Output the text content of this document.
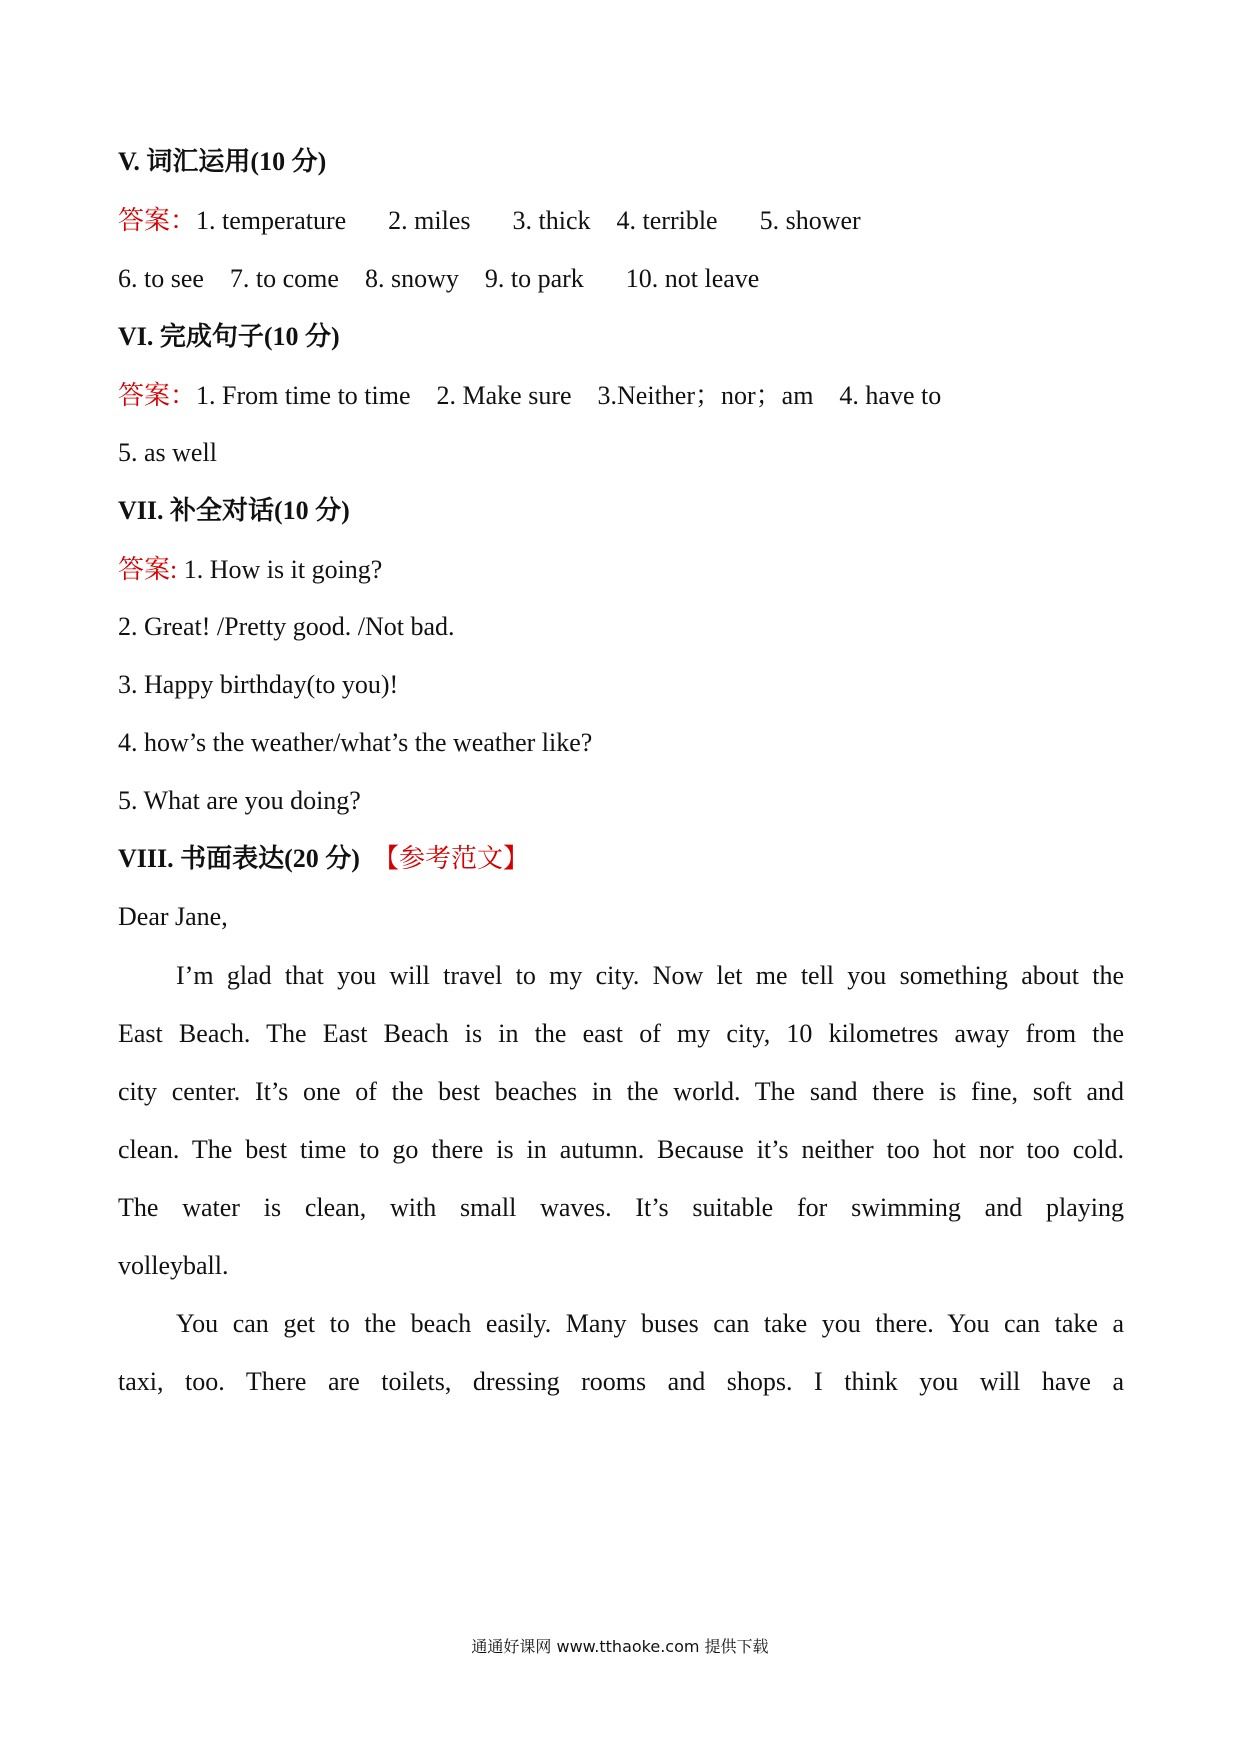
V. 词汇运用(10 分)
答案：1. temperature 2. miles 3. thick 4. terrible 5. shower
6. to see 7. to come 8. snowy 9. to park 10. not leave
VI. 完成句子(10 分)
答案：1. From time to time 2. Make sure 3.Neither；nor；am 4. have to
5. as well
VII. 补全对话(10 分)
答案: 1. How is it going?
2. Great! /Pretty good. /Not bad.
3. Happy birthday(to you)!
4. how’s the weather/what’s the weather like?
5. What are you doing?
VIII. 书面表达(20 分) 【参考范文】
Dear Jane,
I’m glad that you will travel to my city. Now let me tell you something about the
East Beach. The East Beach is in the east of my city, 10 kilometres away from the
city center. It’s one of the best beaches in the world. The sand there is fine, soft and
clean. The best time to go there is in autumn. Because it’s neither too hot nor too cold.
The water is clean, with small waves. It’s suitable for swimming and playing
volleyball.
You can get to the beach easily. Many buses can take you there. You can take a
taxi, too. There are toilets, dressing rooms and shops. I think you will have a
通通好课网 www.tthaoke.com 提供下载
